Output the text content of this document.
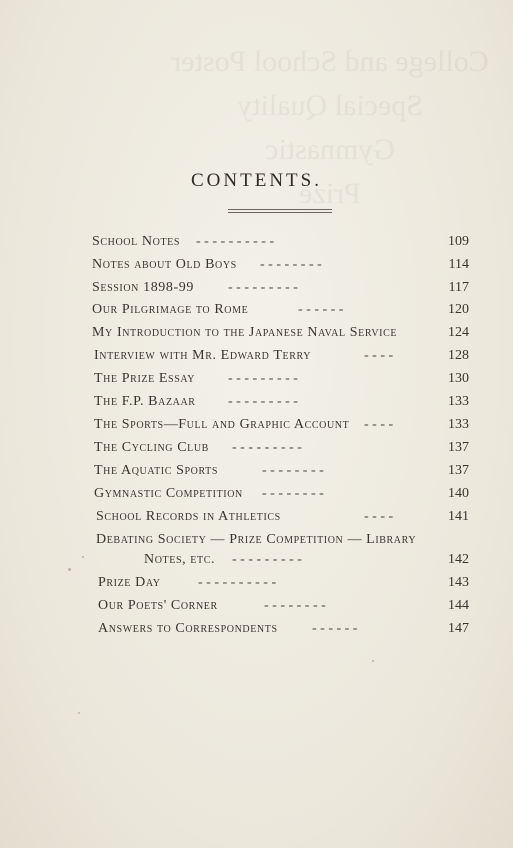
College and School Poster
Special Quality
Gymnastic
Prize
CONTENTS.
School Notes - - - - - - - - - -	109
Notes about Old Boys - - - - - - - -	114
Session 1898-99 - - - - - - - - -	117
Our Pilgrimage to Rome	- - - - - -	120
My Introduction to the Japanese Naval Service	124
Interview with Mr. Edward Terry	- - - -	128
The Prize Essay - - - - - - - - -	130
The F.P. Bazaar - - - - - - - - -	133
The Sports—Full and Graphic Account - - - -	133
The Cycling Club - - - - - - - - -	137
The Aquatic Sports	- - - - - - - -	137
Gymnastic Competition - - - - - - - -	140
School Records in Athletics	- - - -	141
Debating Society — Prize Competition — Library
Notes, etc. - - - - - - - - -	142
Prize Day	- - - - - - - - - -	143
Our Poets' Corner	- - - - - - - -	144
Answers to Correspondents - - - - - -	147
